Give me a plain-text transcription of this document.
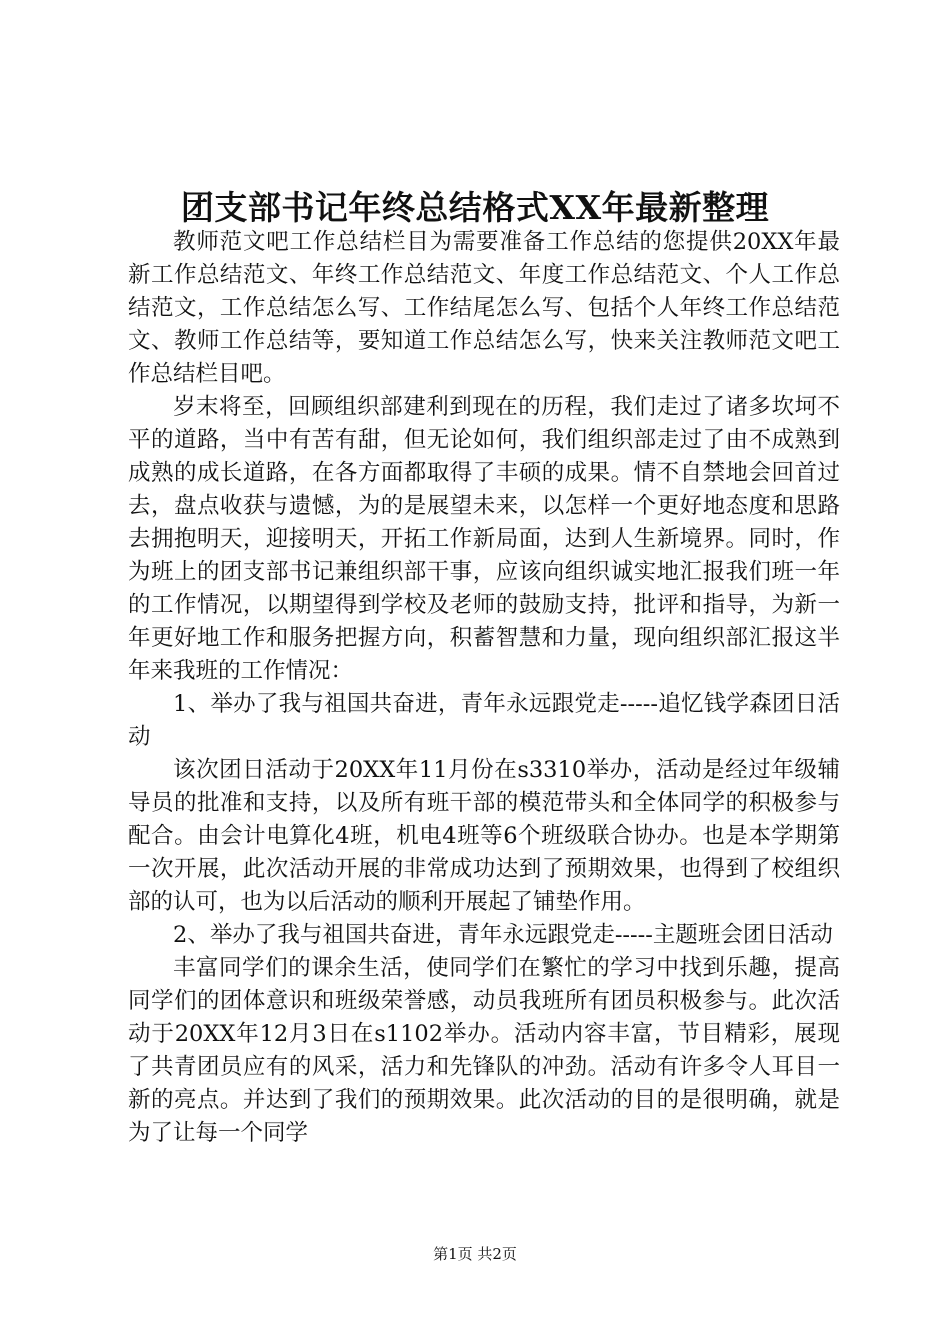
团支部书记年终总结格式XX年最新整理

教师范文吧工作总结栏目为需要准备工作总结的您提供20XX年最新工作总结范文、年终工作总结范文、年度工作总结范文、个人工作总结范文，工作总结怎么写、工作结尾怎么写、包括个人年终工作总结范文、教师工作总结等，要知道工作总结怎么写，快来关注教师范文吧工作总结栏目吧。

岁末将至，回顾组织部建利到现在的历程，我们走过了诸多坎坷不平的道路，当中有苦有甜，但无论如何，我们组织部走过了由不成熟到成熟的成长道路，在各方面都取得了丰硕的成果。情不自禁地会回首过去，盘点收获与遗憾，为的是展望未来，以怎样一个更好地态度和思路去拥抱明天，迎接明天，开拓工作新局面，达到人生新境界。同时，作为班上的团支部书记兼组织部干事，应该向组织诚实地汇报我们班一年的工作情况，以期望得到学校及老师的鼓励支持，批评和指导，为新一年更好地工作和服务把握方向，积蓄智慧和力量，现向组织部汇报这半年来我班的工作情况：

1、举办了我与祖国共奋进，青年永远跟党走-----追忆钱学森团日活动

该次团日活动于20XX年11月份在s3310举办，活动是经过年级辅导员的批准和支持，以及所有班干部的模范带头和全体同学的积极参与配合。由会计电算化4班，机电4班等6个班级联合协办。也是本学期第一次开展，此次活动开展的非常成功达到了预期效果，也得到了校组织部的认可，也为以后活动的顺利开展起了铺垫作用。

2、举办了我与祖国共奋进，青年永远跟党走-----主题班会团日活动

丰富同学们的课余生活，使同学们在繁忙的学习中找到乐趣，提高同学们的团体意识和班级荣誉感，动员我班所有团员积极参与。此次活动于20XX年12月3日在s1102举办。活动内容丰富，节目精彩，展现了共青团员应有的风采，活力和先锋队的冲劲。活动有许多令人耳目一新的亮点。并达到了我们的预期效果。此次活动的目的是很明确，就是为了让每一个同学

第1页 共2页
